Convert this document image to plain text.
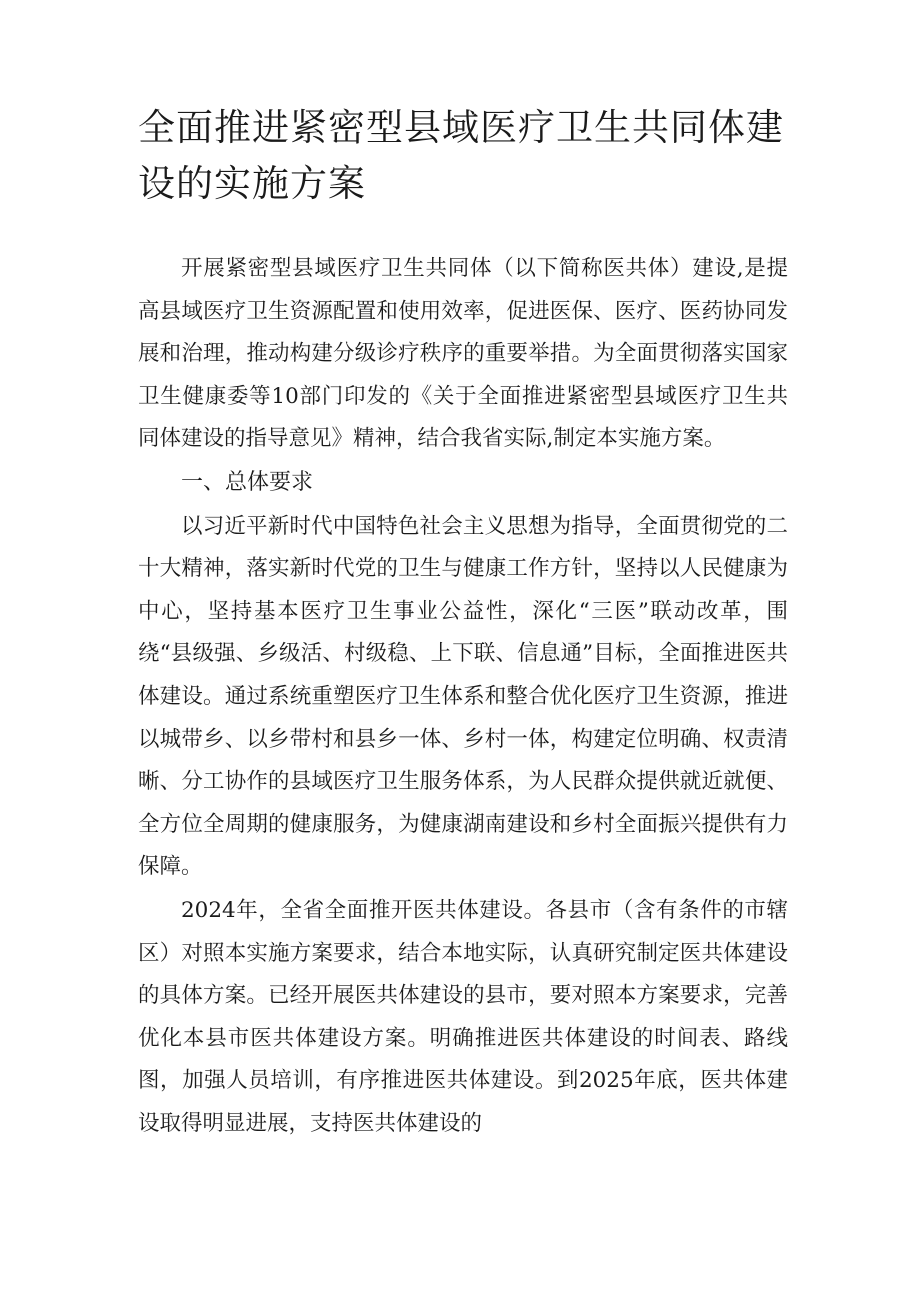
全面推进紧密型县域医疗卫生共同体建设的实施方案

开展紧密型县域医疗卫生共同体（以下简称医共体）建设,是提高县域医疗卫生资源配置和使用效率，促进医保、医疗、医药协同发展和治理，推动构建分级诊疗秩序的重要举措。为全面贯彻落实国家卫生健康委等10部门印发的《关于全面推进紧密型县域医疗卫生共同体建设的指导意见》精神，结合我省实际,制定本实施方案。

一、总体要求

以习近平新时代中国特色社会主义思想为指导，全面贯彻党的二十大精神，落实新时代党的卫生与健康工作方针，坚持以人民健康为中心，坚持基本医疗卫生事业公益性，深化“三医”联动改革，围绕“县级强、乡级活、村级稳、上下联、信息通”目标，全面推进医共体建设。通过系统重塑医疗卫生体系和整合优化医疗卫生资源，推进以城带乡、以乡带村和县乡一体、乡村一体，构建定位明确、权责清晰、分工协作的县域医疗卫生服务体系，为人民群众提供就近就便、全方位全周期的健康服务，为健康湖南建设和乡村全面振兴提供有力保障。

2024年，全省全面推开医共体建设。各县市（含有条件的市辖区）对照本实施方案要求，结合本地实际，认真研究制定医共体建设的具体方案。已经开展医共体建设的县市，要对照本方案要求，完善优化本县市医共体建设方案。明确推进医共体建设的时间表、路线图，加强人员培训，有序推进医共体建设。到2025年底，医共体建设取得明显进展，支持医共体建设的
